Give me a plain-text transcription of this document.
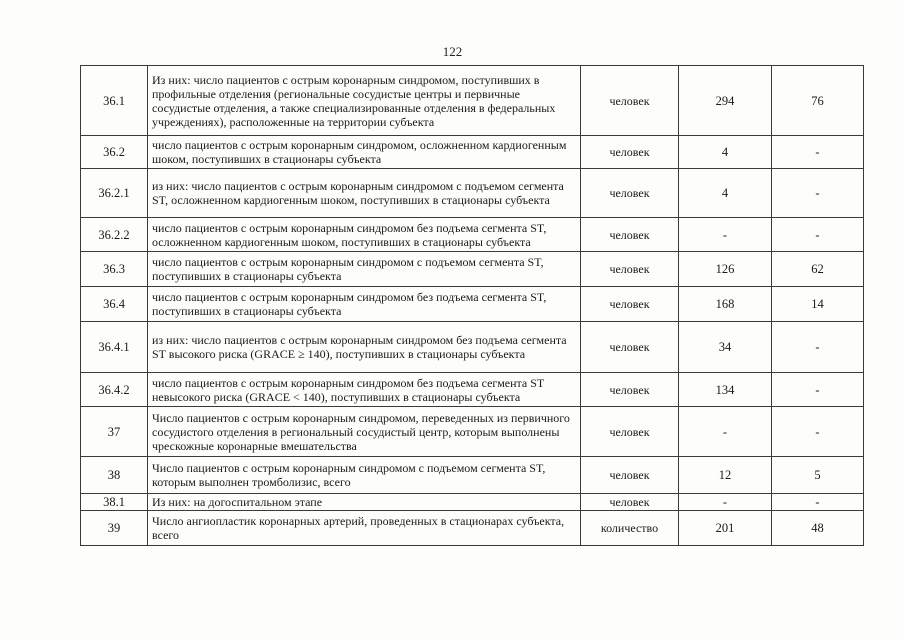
122
36.1	Из них: число пациентов с острым коронарным синдромом, поступивших в профильные отделения (региональные сосудистые центры и первичные сосудистые отделения, а также специализированные отделения в федеральных учреждениях), расположенные на территории субъекта	человек	294	76
36.2	число пациентов с острым коронарным синдромом, осложненном кардиогенным шоком, поступивших в стационары субъекта	человек	4	-
36.2.1	из них: число пациентов с острым коронарным синдромом с подъемом сегмента ST, осложненном кардиогенным шоком, поступивших в стационары субъекта	человек	4	-
36.2.2	число пациентов с острым коронарным синдромом без подъема сегмента ST, осложненном кардиогенным шоком, поступивших в стационары субъекта	человек	-	-
36.3	число пациентов с острым коронарным синдромом с подъемом сегмента ST, поступивших в стационары субъекта	человек	126	62
36.4	число пациентов с острым коронарным синдромом без подъема сегмента ST, поступивших в стационары субъекта	человек	168	14
36.4.1	из них: число пациентов с острым коронарным синдромом без подъема сегмента ST высокого риска (GRACE ≥ 140), поступивших в стационары субъекта	человек	34	-
36.4.2	число пациентов с острым коронарным синдромом без подъема сегмента ST невысокого риска (GRACE < 140), поступивших в стационары субъекта	человек	134	-
37	Число пациентов с острым коронарным синдромом, переведенных из первичного сосудистого отделения в региональный сосудистый центр, которым выполнены чрескожные коронарные вмешательства	человек	-	-
38	Число пациентов с острым коронарным синдромом с подъемом сегмента ST, которым выполнен тромболизис, всего	человек	12	5
38.1	Из них: на догоспитальном этапе	человек	-	-
39	Число ангиопластик коронарных артерий, проведенных в стационарах субъекта, всего	количество	201	48
